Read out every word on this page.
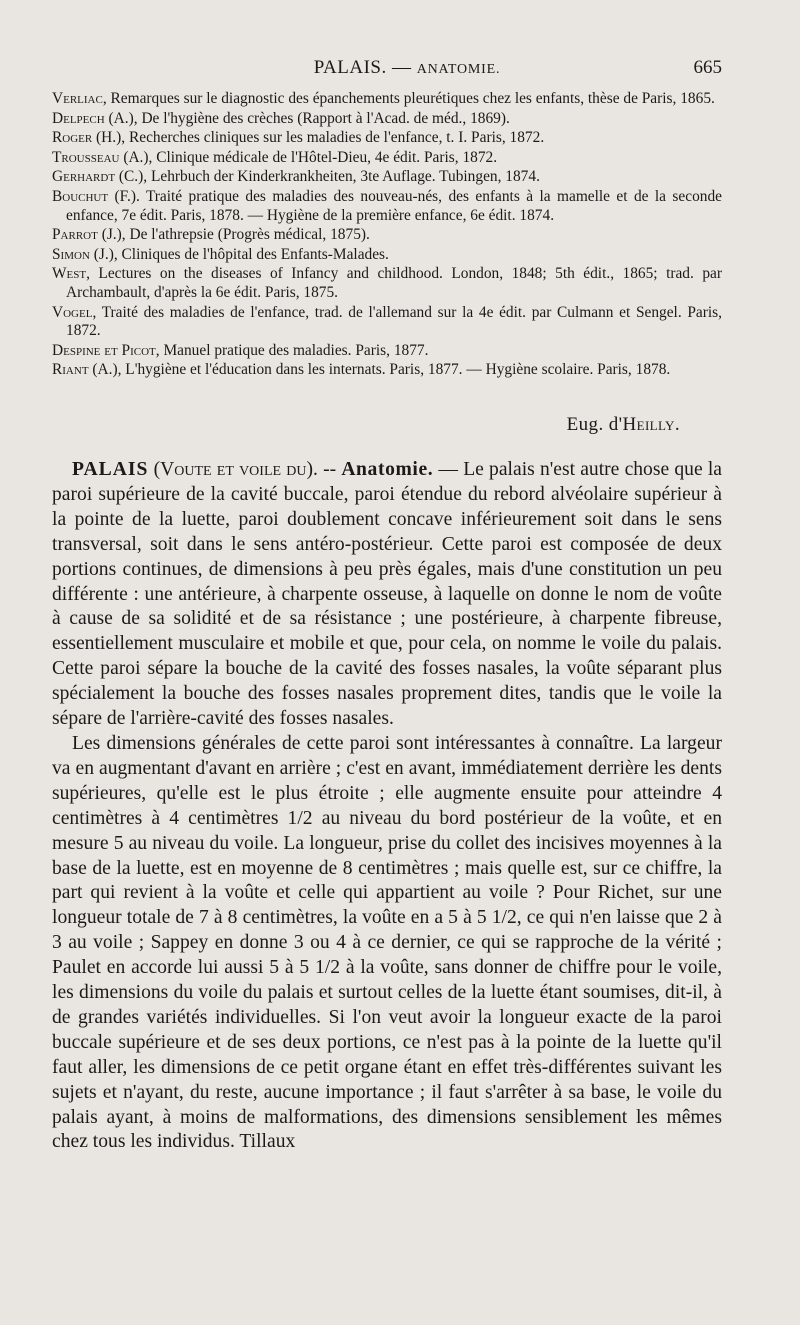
PALAIS. — ANATOMIE.	665

Verliac, Remarques sur le diagnostic des épanchements pleurétiques chez les enfants, thèse de Paris, 1865.

Delpech (A.), De l'hygiène des crèches (Rapport à l'Acad. de méd., 1869).

Roger (H.), Recherches cliniques sur les maladies de l'enfance, t. I. Paris, 1872.

Trousseau (A.), Clinique médicale de l'Hôtel-Dieu, 4e édit. Paris, 1872.

Gerhardt (C.), Lehrbuch der Kinderkrankheiten, 3te Auflage. Tubingen, 1874.

Bouchut (F.). Traité pratique des maladies des nouveau-nés, des enfants à la mamelle et de la seconde enfance, 7e édit. Paris, 1878. — Hygiène de la première enfance, 6e édit. 1874.

Parrot (J.), De l'athrepsie (Progrès médical, 1875).

Simon (J.), Cliniques de l'hôpital des Enfants-Malades.

West, Lectures on the diseases of Infancy and childhood. London, 1848; 5th édit., 1865; trad. par Archambault, d'après la 6e édit. Paris, 1875.

Vogel, Traité des maladies de l'enfance, trad. de l'allemand sur la 4e édit. par Culmann et Sengel. Paris, 1872.

Despine et Picot, Manuel pratique des maladies. Paris, 1877.

Riant (A.), L'hygiène et l'éducation dans les internats. Paris, 1877. — Hygiène scolaire. Paris, 1878.

Eug. d'Heilly.

PALAIS (Voute et voile du). -- Anatomie. — Le palais n'est autre chose que la paroi supérieure de la cavité buccale, paroi étendue du rebord alvéolaire supérieur à la pointe de la luette, paroi doublement concave inférieurement soit dans le sens transversal, soit dans le sens antéro-postérieur. Cette paroi est composée de deux portions continues, de dimensions à peu près égales, mais d'une constitution un peu différente : une antérieure, à charpente osseuse, à laquelle on donne le nom de voûte à cause de sa solidité et de sa résistance ; une postérieure, à charpente fibreuse, essentiellement musculaire et mobile et que, pour cela, on nomme le voile du palais. Cette paroi sépare la bouche de la cavité des fosses nasales, la voûte séparant plus spécialement la bouche des fosses nasales proprement dites, tandis que le voile la sépare de l'arrière-cavité des fosses nasales.

Les dimensions générales de cette paroi sont intéressantes à connaître. La largeur va en augmentant d'avant en arrière ; c'est en avant, immédiatement derrière les dents supérieures, qu'elle est le plus étroite ; elle augmente ensuite pour atteindre 4 centimètres à 4 centimètres 1/2 au niveau du bord postérieur de la voûte, et en mesure 5 au niveau du voile. La longueur, prise du collet des incisives moyennes à la base de la luette, est en moyenne de 8 centimètres ; mais quelle est, sur ce chiffre, la part qui revient à la voûte et celle qui appartient au voile ? Pour Richet, sur une longueur totale de 7 à 8 centimètres, la voûte en a 5 à 5 1/2, ce qui n'en laisse que 2 à 3 au voile ; Sappey en donne 3 ou 4 à ce dernier, ce qui se rapproche de la vérité ; Paulet en accorde lui aussi 5 à 5 1/2 à la voûte, sans donner de chiffre pour le voile, les dimensions du voile du palais et surtout celles de la luette étant soumises, dit-il, à de grandes variétés individuelles. Si l'on veut avoir la longueur exacte de la paroi buccale supérieure et de ses deux portions, ce n'est pas à la pointe de la luette qu'il faut aller, les dimensions de ce petit organe étant en effet très-différentes suivant les sujets et n'ayant, du reste, aucune importance ; il faut s'arrêter à sa base, le voile du palais ayant, à moins de malformations, des dimensions sensiblement les mêmes chez tous les individus. Tillaux
